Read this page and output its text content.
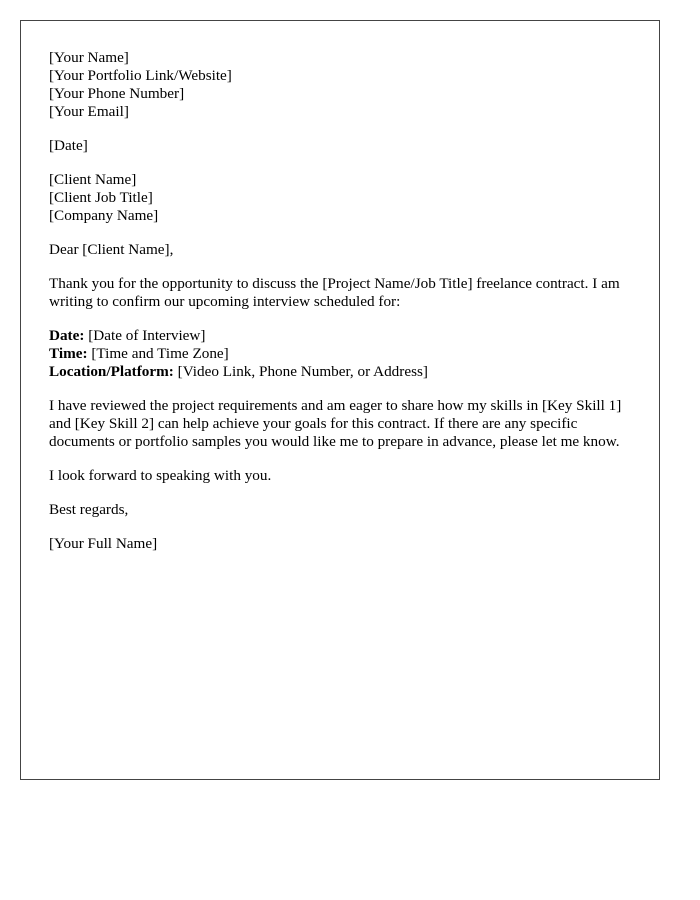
[Your Name]
[Your Portfolio Link/Website]
[Your Phone Number]
[Your Email]
[Date]
[Client Name]
[Client Job Title]
[Company Name]

Dear [Client Name],

Thank you for the opportunity to discuss the [Project Name/Job Title] freelance contract. I am writing to confirm our upcoming interview scheduled for:

Date: [Date of Interview]
Time: [Time and Time Zone]
Location/Platform: [Video Link, Phone Number, or Address]

I have reviewed the project requirements and am eager to share how my skills in [Key Skill 1] and [Key Skill 2] can help achieve your goals for this contract. If there are any specific documents or portfolio samples you would like me to prepare in advance, please let me know.

I look forward to speaking with you.

Best regards,

[Your Full Name]
